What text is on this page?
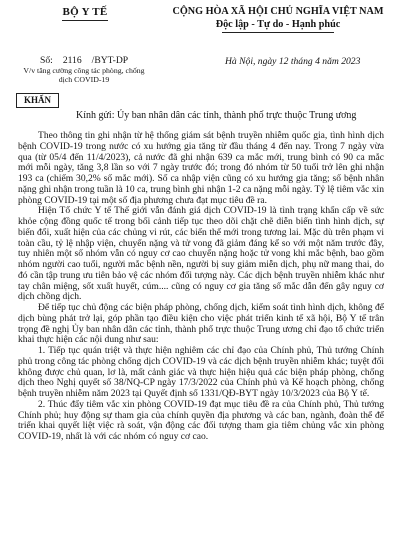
BỘ Y TẾ	CỘNG HÒA XÃ HỘI CHỦ NGHĨA VIỆT NAM
Độc lập - Tự do - Hạnh phúc
Số: 2116 /BYT-DP
V/v tăng cường công tác phòng, chống dịch COVID-19
Hà Nội, ngày 12 tháng 4 năm 2023
KHẨN
Kính gửi: Ủy ban nhân dân các tỉnh, thành phố trực thuộc Trung ương

Theo thông tin ghi nhận từ hệ thống giám sát bệnh truyền nhiễm quốc gia, tình hình dịch bệnh COVID-19 trong nước có xu hướng gia tăng từ đầu tháng 4 đến nay. Trong 7 ngày vừa qua (từ 05/4 đến 11/4/2023), cả nước đã ghi nhận 639 ca mắc mới, trung bình có 90 ca mắc mới mỗi ngày, tăng 3,8 lần so với 7 ngày trước đó; trong đó nhóm từ 50 tuổi trở lên ghi nhận 193 ca (chiếm 30,2% số mắc mới). Số ca nhập viện cũng có xu hướng gia tăng; số bệnh nhân nặng ghi nhận trong tuần là 10 ca, trung bình ghi nhận 1-2 ca nặng mỗi ngày. Tỷ lệ tiêm vắc xin phòng COVID-19 tại một số địa phương chưa đạt mục tiêu đề ra.

Hiện Tổ chức Y tế Thế giới vẫn đánh giá dịch COVID-19 là tình trạng khẩn cấp về sức khỏe cộng đồng quốc tế trong bối cảnh tiếp tục theo dõi chặt chẽ diễn biến tình hình dịch, sự biến đổi, xuất hiện của các chủng vi rút, các biến thể mới trong tương lai. Mặc dù trên phạm vi toàn cầu, tỷ lệ nhập viện, chuyển nặng và tử vong đã giảm đáng kể so với một năm trước đây, tuy nhiên một số nhóm vẫn có nguy cơ cao chuyển nặng hoặc tử vong khi mắc bệnh, bao gồm nhóm người cao tuổi, người mắc bệnh nền, người bị suy giảm miễn dịch, phụ nữ mang thai, do đó cần tập trung ưu tiên bảo vệ các nhóm đối tượng này. Các dịch bệnh truyền nhiễm khác như tay chân miệng, sốt xuất huyết, cúm.... cũng có nguy cơ gia tăng số mắc dẫn đến gây nguy cơ dịch chồng dịch.

Để tiếp tục chủ động các biện pháp phòng, chống dịch, kiểm soát tình hình dịch, không để dịch bùng phát trở lại, góp phần tạo điều kiện cho việc phát triển kinh tế xã hội, Bộ Y tế trân trọng đề nghị Ủy ban nhân dân các tỉnh, thành phố trực thuộc Trung ương chỉ đạo tổ chức triển khai thực hiện các nội dung như sau:

1. Tiếp tục quán triệt và thực hiện nghiêm các chỉ đạo của Chính phủ, Thủ tướng Chính phủ trong công tác phòng chống dịch COVID-19 và các dịch bệnh truyền nhiễm khác; tuyệt đối không được chủ quan, lơ là, mất cảnh giác và thực hiện hiệu quả các biện pháp phòng, chống dịch theo Nghị quyết số 38/NQ-CP ngày 17/3/2022 của Chính phủ và Kế hoạch phòng, chống bệnh truyền nhiễm năm 2023 tại Quyết định số 1331/QĐ-BYT ngày 10/3/2023 của Bộ Y tế.

2. Thúc đẩy tiêm vắc xin phòng COVID-19 đạt mục tiêu đề ra của Chính phủ, Thủ tướng Chính phủ; huy động sự tham gia của chính quyền địa phương và các ban, ngành, đoàn thể để triển khai quyết liệt việc rà soát, vận động các đối tượng tham gia tiêm chủng vắc xin phòng COVID-19, nhất là với các nhóm có nguy cơ cao.
